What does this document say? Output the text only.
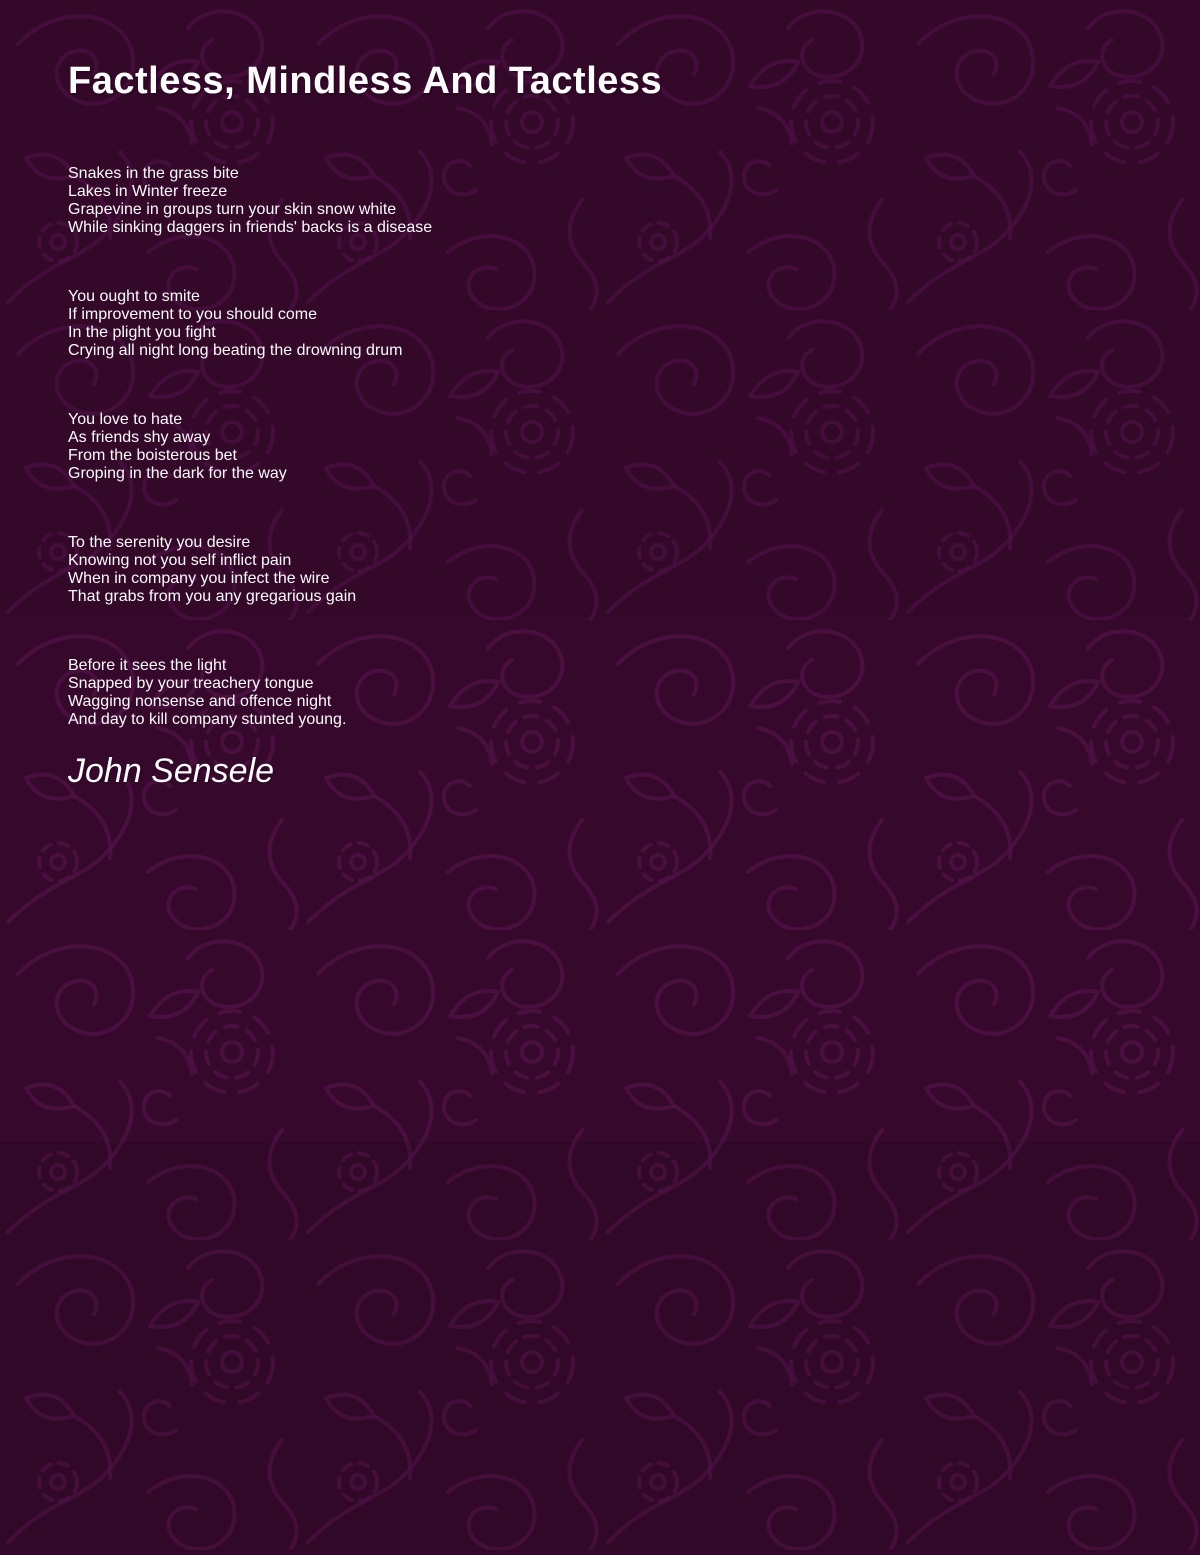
Factless, Mindless And Tactless

Snakes in the grass bite
Lakes in Winter freeze
Grapevine in groups turn your skin snow white
While sinking daggers in friends' backs is a disease

You ought to smite
If improvement to you should come
In the plight you fight
Crying all night long beating the drowning drum

You love to hate
As friends shy away
From the boisterous bet
Groping in the dark for the way

To the serenity you desire
Knowing not you self inflict pain
When in company you infect the wire
That grabs from you any gregarious gain

Before it sees the light
Snapped by your treachery tongue
Wagging nonsense and offence night
And day to kill company stunted young.

John Sensele
